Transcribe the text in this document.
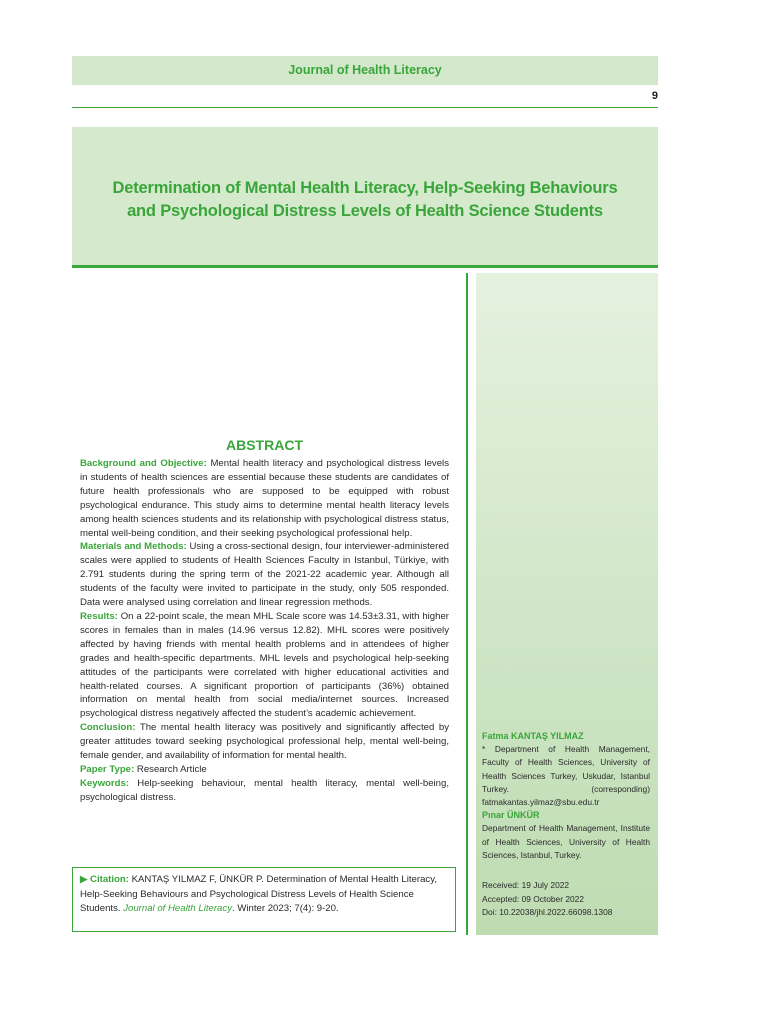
Journal of Health Literacy
9
Determination of Mental Health Literacy, Help-Seeking Behaviours
and Psychological Distress Levels of Health Science Students
ABSTRACT

Background and Objective: Mental health literacy and psychological distress levels in students of health sciences are essential because these students are candidates of future health professionals who are supposed to be equipped with robust psychological endurance. This study aims to determine mental health literacy levels among health sciences students and its relationship with psychological distress status, mental well-being condition, and their seeking psychological professional help.

Materials and Methods: Using a cross-sectional design, four interviewer-administered scales were applied to students of Health Sciences Faculty in Istanbul, Türkiye, with 2.791 students during the spring term of the 2021-22 academic year. Although all students of the faculty were invited to participate in the study, only 505 responded. Data were analysed using correlation and linear regression methods.

Results: On a 22-point scale, the mean MHL Scale score was 14.53±3.31, with higher scores in females than in males (14.96 versus 12.82). MHL scores were positively affected by having friends with mental health problems and in attendees of higher grades and health-specific departments. MHL levels and psychological help-seeking attitudes of the participants were correlated with higher educational activities and health-related courses. A significant proportion of participants (36%) obtained information on mental health from social media/internet sources. Increased psychological distress negatively affected the student’s academic achievement.

Conclusion: The mental health literacy was positively and significantly affected by greater attitudes toward seeking psychological professional help, mental well-being, female gender, and availability of information for mental health.

Paper Type: Research Article

Keywords: Help-seeking behaviour, mental health literacy, mental well-being, psychological distress.

▶ Citation: KANTAŞ YILMAZ F, ÜNKÜR P. Determination of Mental Health Literacy, Help-Seeking Behaviours and Psychological Distress Levels of Health Science Students. Journal of Health Literacy. Winter 2023; 7(4): 9-20.
Fatma KANTAŞ YILMAZ
* Department of Health Management, Faculty of Health Sciences, University of Health Sciences Turkey, Uskudar, Istanbul Turkey. (corresponding) fatmakantas.yilmaz@sbu.edu.tr
Pınar ÜNKÜR
Department of Health Management, Institute of Health Sciences, University of Health Sciences, Istanbul, Turkey.
Received: 19 July 2022
Accepted: 09 October 2022
Doi: 10.22038/jhl.2022.66098.1308
